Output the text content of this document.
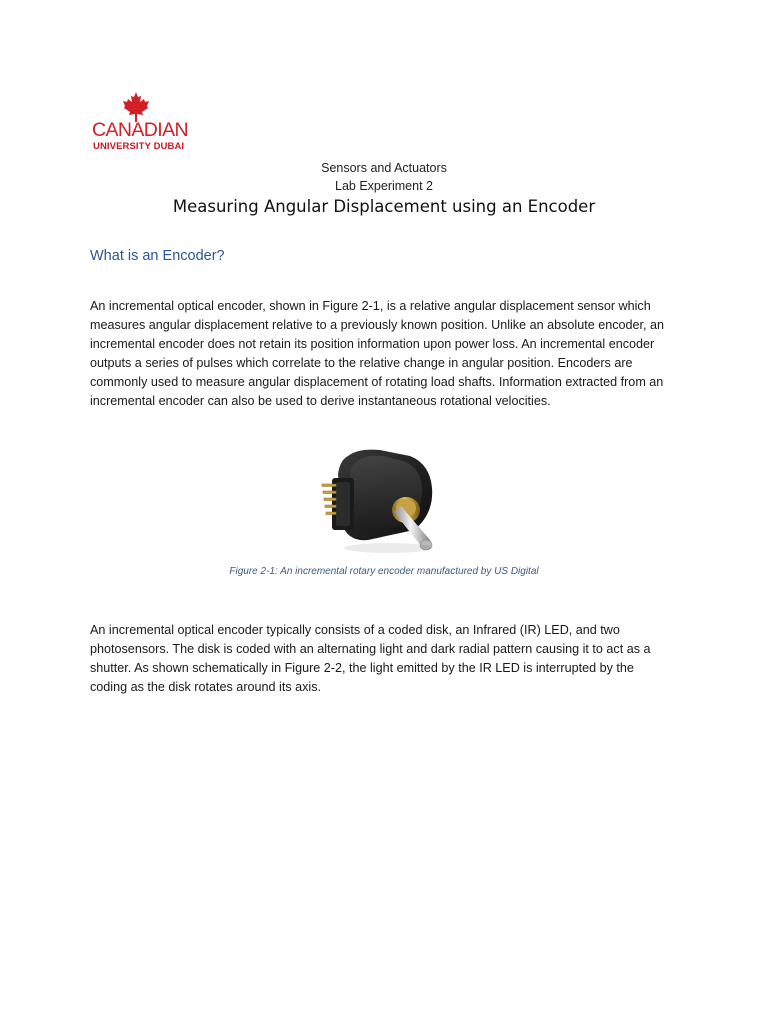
CANADIAN
UNIVERSITY DUBAI
Sensors and Actuators
Lab Experiment 2
Measuring Angular Displacement using an Encoder
What is an Encoder?
An incremental optical encoder, shown in Figure 2-1, is a relative angular displacement sensor which
measures angular displacement relative to a previously known position. Unlike an absolute encoder, an
incremental encoder does not retain its position information upon power loss. An incremental encoder
outputs a series of pulses which correlate to the relative change in angular position. Encoders are
commonly used to measure angular displacement of rotating load shafts. Information extracted from an
incremental encoder can also be used to derive instantaneous rotational velocities.
Figure 2-1: An incremental rotary encoder manufactured by US Digital
An incremental optical encoder typically consists of a coded disk, an Infrared (IR) LED, and two
photosensors. The disk is coded with an alternating light and dark radial pattern causing it to act as a
shutter. As shown schematically in Figure 2-2, the light emitted by the IR LED is interrupted by the
coding as the disk rotates around its axis.
